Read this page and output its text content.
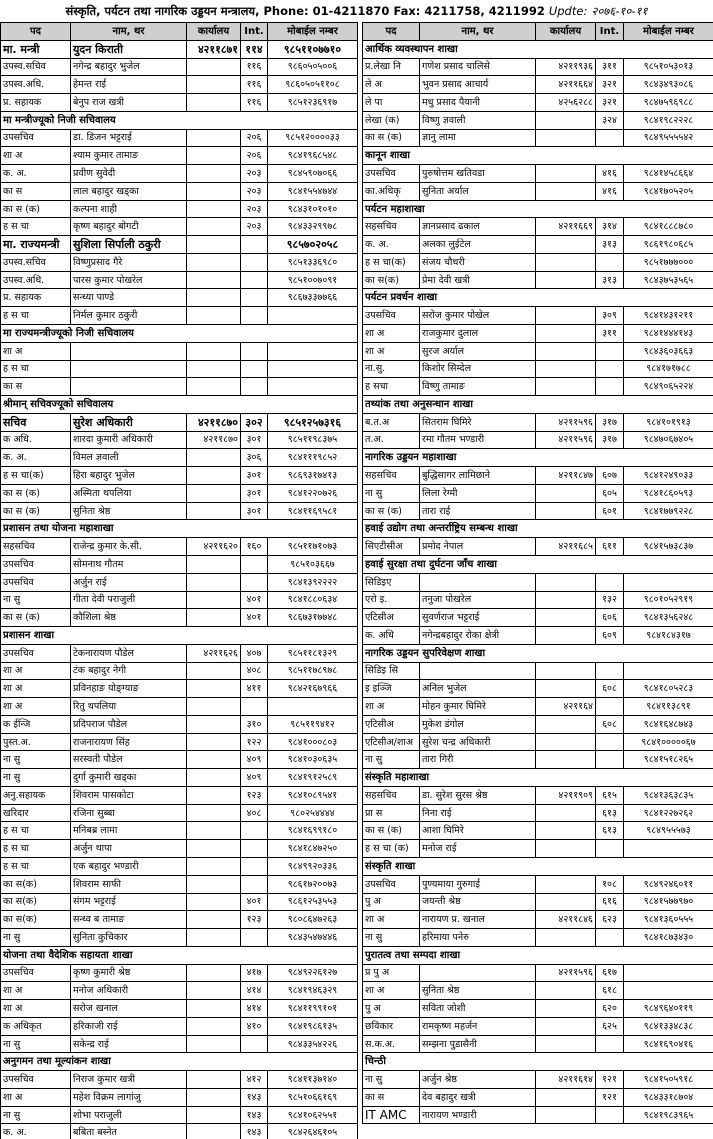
संस्कृति, पर्यटन तथा नागरिक उड्डयन मन्त्रालय, Phone: 01-4211870 Fax: 4211758, 4211992 Updte: २०७६-१०-११
पद	नाम, थर	कार्यालय	Int.	मोबाईल नम्बर
मा. मन्त्री	युदन किराती	४२११८७१	११४	९८५११०७७१०
उपस्व.सचिव	नगेन्द्र बहादुर भुजेल		११६	९८६०५०५००६
उपस्व.अधि.	हेमन्त राई		११६	९८६०५०५११०८
प्र. सहायक	बेनुप राज खत्री		११६	९८५१२३६९१७
मा मन्त्रीज्यूको निजी सचिवालय				
उपसचिव	डा. डिजन भट्टराई		२०६	९८५१२००००३३
शा अ	श्याम कुमार तामाङ		२०६	९८४१९६८५४८
क. अ.	प्रवीण सुवेदी		२०३	९८४५९०७०६६
का स	लाल बहादुर खड्का		२०३	९८४१५५४७४४
का स (क)	कल्पना शाही		२०३	९८४३१०१०१०
ह स चा	कृष्ण बहादुर बोगटी		२०३	९८४३३२९९७८
मा. राज्यमन्त्री	सुशिला सिर्पाली ठकुरी			९८५७०२०५८
उपस्व.सचिव	विष्णुप्रसाद गैरे			९८५१३३६९८०
उपस्व.अधि.	पारस कुमार पोखरेल			९८५१००७०९१
प्र. सहायक	सन्ध्या पाण्डे			९८६७३३७७६६
ह स चा	निर्मल कुमार ठकुरी			
मा राज्यमन्त्रीज्यूको निजी सचिवालय				
शा अ				
ह स चा				
का स				
श्रीमान् सचिवज्यूको सचिवालय				
सचिव	सुरेश अधिकारी	४२११८७०	३०२	९८५१२५७३१६
क अधि.	शारदा कुमारी अधिकारी	४२११८७०	३०१	९८५११९८३७५
क. अ.	विमल ज्ञवाली		३०६	९८४१११९८५२
ह स चा(क)	हिरा बहादुर भुजेल		३०१	९८६९३१७४१३
का स (क)	अस्मिता थपलिया		३०१	९८४१२२०७२६
का स (क)	सुनिता श्रेष्ठ		३०१	९८४११६९५८१
प्रशासन तथा योजना महाशाखा				
सहसचिव	राजेन्द्र कुमार के.सी.	४२११६२०	१६०	९८५११७१०७३
उपसचिव	सोमनाथ गौतम			९८५१०३६६७
उपसचिव	अर्जुन राई			९८४१३९२२२२
ना सु	गीता देवी पराजुली		४०१	९८४१८८०६३४
का स (क)	कौशिला श्रेष्ठ		४०१	९८६७३१७७४८
प्रशासन शाखा				
उपसचिव	टेकनारायण पौडेल	४२११६२६	४०७	९८५११८१३२९
शा अ	टंक बहादुर नेगी		४०८	९८५११७८९७८
शा अ	प्रविनहाङ योङ्ग्याङ		४११	९८४२१६७९६६
शा अ	रितु थपलिया			
क ईन्जि	प्रदिपराज पौडेल		३१०	९८५११९४१२
पुस्त.अ.	राजनारायण सिंह		१२२	९८४१०००८०३
ना सु	सरस्वती पौडेल		४०९	९८४१०३०६३५
ना सु	दुर्गा कुमारी खड्का		४०९	९८४१९१२५८९
अनु.सहायक	शिवराम पासकोटा		१२३	९८४१०८९५४१
खरिदार	रजिना सुब्बा		४०८	९८०२५४४४४
ह स चा	मनिबब्र लामा			९८४१६९९१८०
ह स चा	अर्जुन थापा			९८४१८४७२५०
ह स चा	एक बहादुर भण्डारी			९८४९९२०३३६
का स(क)	शिवराम साफी			९८६१७२००७३
का स(क)	संगम भट्टराई		४०१	९८६१२५३५५३
का स(क)	सन्ध्व ब तामाङ		१२३	९८०८६४७२६३
ना सु	सुनिता कुचिकार			९८४३५४७४४६
योजना तथा वैदेशिक सहायता शाखा				
उपसचिव	कृष्ण कुमारी श्रेष्ठ		४१७	९८४९२२६१२७
शा अ	मनोज अधिकारी		४१४	९८४१९४६३२९
शा अ	सरोज खनाल		४१४	९८४११९९१०१
क अधिकृत	हरिकाजी राई		४१०	९८४१९८६१३५
ना सु	सकेन्द्र राई			९८४३३५४२२६
अनुगमन तथा मूल्यांकन शाखा				
उपसचिव	निराज कुमार खत्री		४१२	९८४११३७१४०
शा अ	महेश विक्रम लागांजु		१४३	९८५१०६६१६९
ना सु	शोभा पराजुली		१४३	९८४१०६२५५१
क. अ.	बबिता बस्नेत		१४३	९८४२६४६१०५
पद	नाम, थर	कार्यालय	Int.	मोबाईल नम्बर
आर्थिक व्यवस्थापन शाखा				
प्र.लेखा नि	गणेश प्रसाद चालिसे	४२११९३६	३११	९८५१०५३०१३
ले अ	भुवन प्रसाद आचार्य	४२११६६४	३२१	९८४३४९३०८६
ले पा	मधु प्रसाद पैयानी	४२५६२८८	३२१	९८४७५९६९८८
लेखा (क)	विष्णु ज्ञवाली		३२४	९८४१९८२२२८
का स (क)	ज्ञानु लामा			९८४९५५५५४२
कानून शाखा				
उपसचिव	पुरुषोत्तम खतिवडा		४१६	९८४१४५८६६४
का.अधिकृ	सुनिता अर्याल		४१६	९८४१७०५२०५
पर्यटन महाशाखा				
सहसचिव	ज्ञानप्रसाद ढकाल	४२११६६९	३१४	९८४१८८८७८०
क. अ.	अलका लुईटेल		३१३	९८६१९८०६८५
ह स चा(क)	संजय चौधरी			९८५१७७७०००
का स(क)	प्रेमा देवी खत्री		३१३	९८४३७५३५६५
पर्यटन प्रवर्धन शाखा				
उपसचिव	सरोज कुमार पोखेल		३०९	९८४१४३१२११
शा अ	राजकुमार दुलाल		३११	९८४१४४४१४३
शा अ	सुरज अर्याल			९८४३६०३६६३
ना.सु.	किशोर सिम्देल			९८४१७१७८८
ह सचा	विष्णु तामाङ			९८४९०६५२२४
तथ्यांक तथा अनुसन्धान शाखा				
ब.त.अ	सितराम घिमिरे	४२११५९६	३१७	९८४१०१९१३
त.अ.	रमा गौतम भण्डारी	४२११५९६	३१७	९८४७०६७४०५
नागरिक उड्डयन महाशाखा				
सहसचिव	बुद्धिसागर लामिछाने	४२११८४७	६०७	९८४१२४९०३३
ना सु	लिला रेग्मी		६०५	९८४१८६०५९३
का स (क)	तारा राई		६०१	९८४१७७९२२८
हवाई उद्योग तथा अन्तर्राष्ट्रिय सम्बन्ध शाखा				
सिएटीसीअ	प्रमोद नेपाल	४२११६८५	६११	९८४१५७३८३७
हवाई सुरक्षा तथा दुर्घटना जाँच शाखा				
सिडिइए				
एरो इ.	तनुजा पोखरेल		१३२	९८०१०५२९१९
एटिसीअ	सुवर्णराज भट्टराई		६०६	९८४१३५६२४८
क. अधि	नगेन्द्रबहादुर रोका क्षेत्री		६०९	९८४१८४३१७
नागरिक उड्डयन सुपरिवेक्षण शाखा				
सिडिइ सि				
इ इञ्जि	अनिल भुजेल		६०८	९८४१८०५२८३
शा अ	मोहन कुमार घिमिरे	४२११६४		९८४११३८९१
एटिसीअ	मुकेश डंगोल		६०८	९८४१६४८७४३
एटिसीअ/शाअ	सुरेश चन्द्र अधिकारी			९८४१०००००६७
ना सु	तारा गिरी			९८४१५१८२६५
संस्कृति महाशाखा				
सहसचिव	डा. सुरेश सुरस श्रेष्ठ	४२११९०९	६१५	९८४१३६३८३५
प्रा स	निना राई		६१३	९८४१२२७२६२
का स (क)	आशा घिमिरे		६१३	९८४९५५५७३
ह स चा (क)	मनोज राई			
संस्कृति शाखा				
उपसचिव	पुण्यमाया गुरुगाई		१०८	९८४९२४६०११
पु अ	जयन्ती श्रेष्ठ		६१६	९८४१५७७९७०
शा अ	नारायण प्र. खनाल	४२११८४६	६२३	९८४१३६०५५५
ना सु	हरिमाया पनेरु			९८४१८७३४३०
पुरातत्व तथा सम्पदा शाखा				
प्र पु अ		४२११५९६	६१७	
शा अ	सुनिता श्रेष्ठ		६१८	
पु अ	सविता जोशी		६२०	९८४९६४०११९
छविकार	रामकृष्ण महर्जन		६२५	९८४१३३४८३८
स.क.अ.	सम्झना पुडासैनी			९८४१६९०४१६
चिन्ठी				
ना सु	अर्जुन श्रेष्ठ	४२११६१४	१२१	९८४१५०५९१८
का स	देव बहादुर खत्री		१२१	९८४३३१८७०४
IT AMC	नारायण भण्डारी			९८४१९८३९६५
